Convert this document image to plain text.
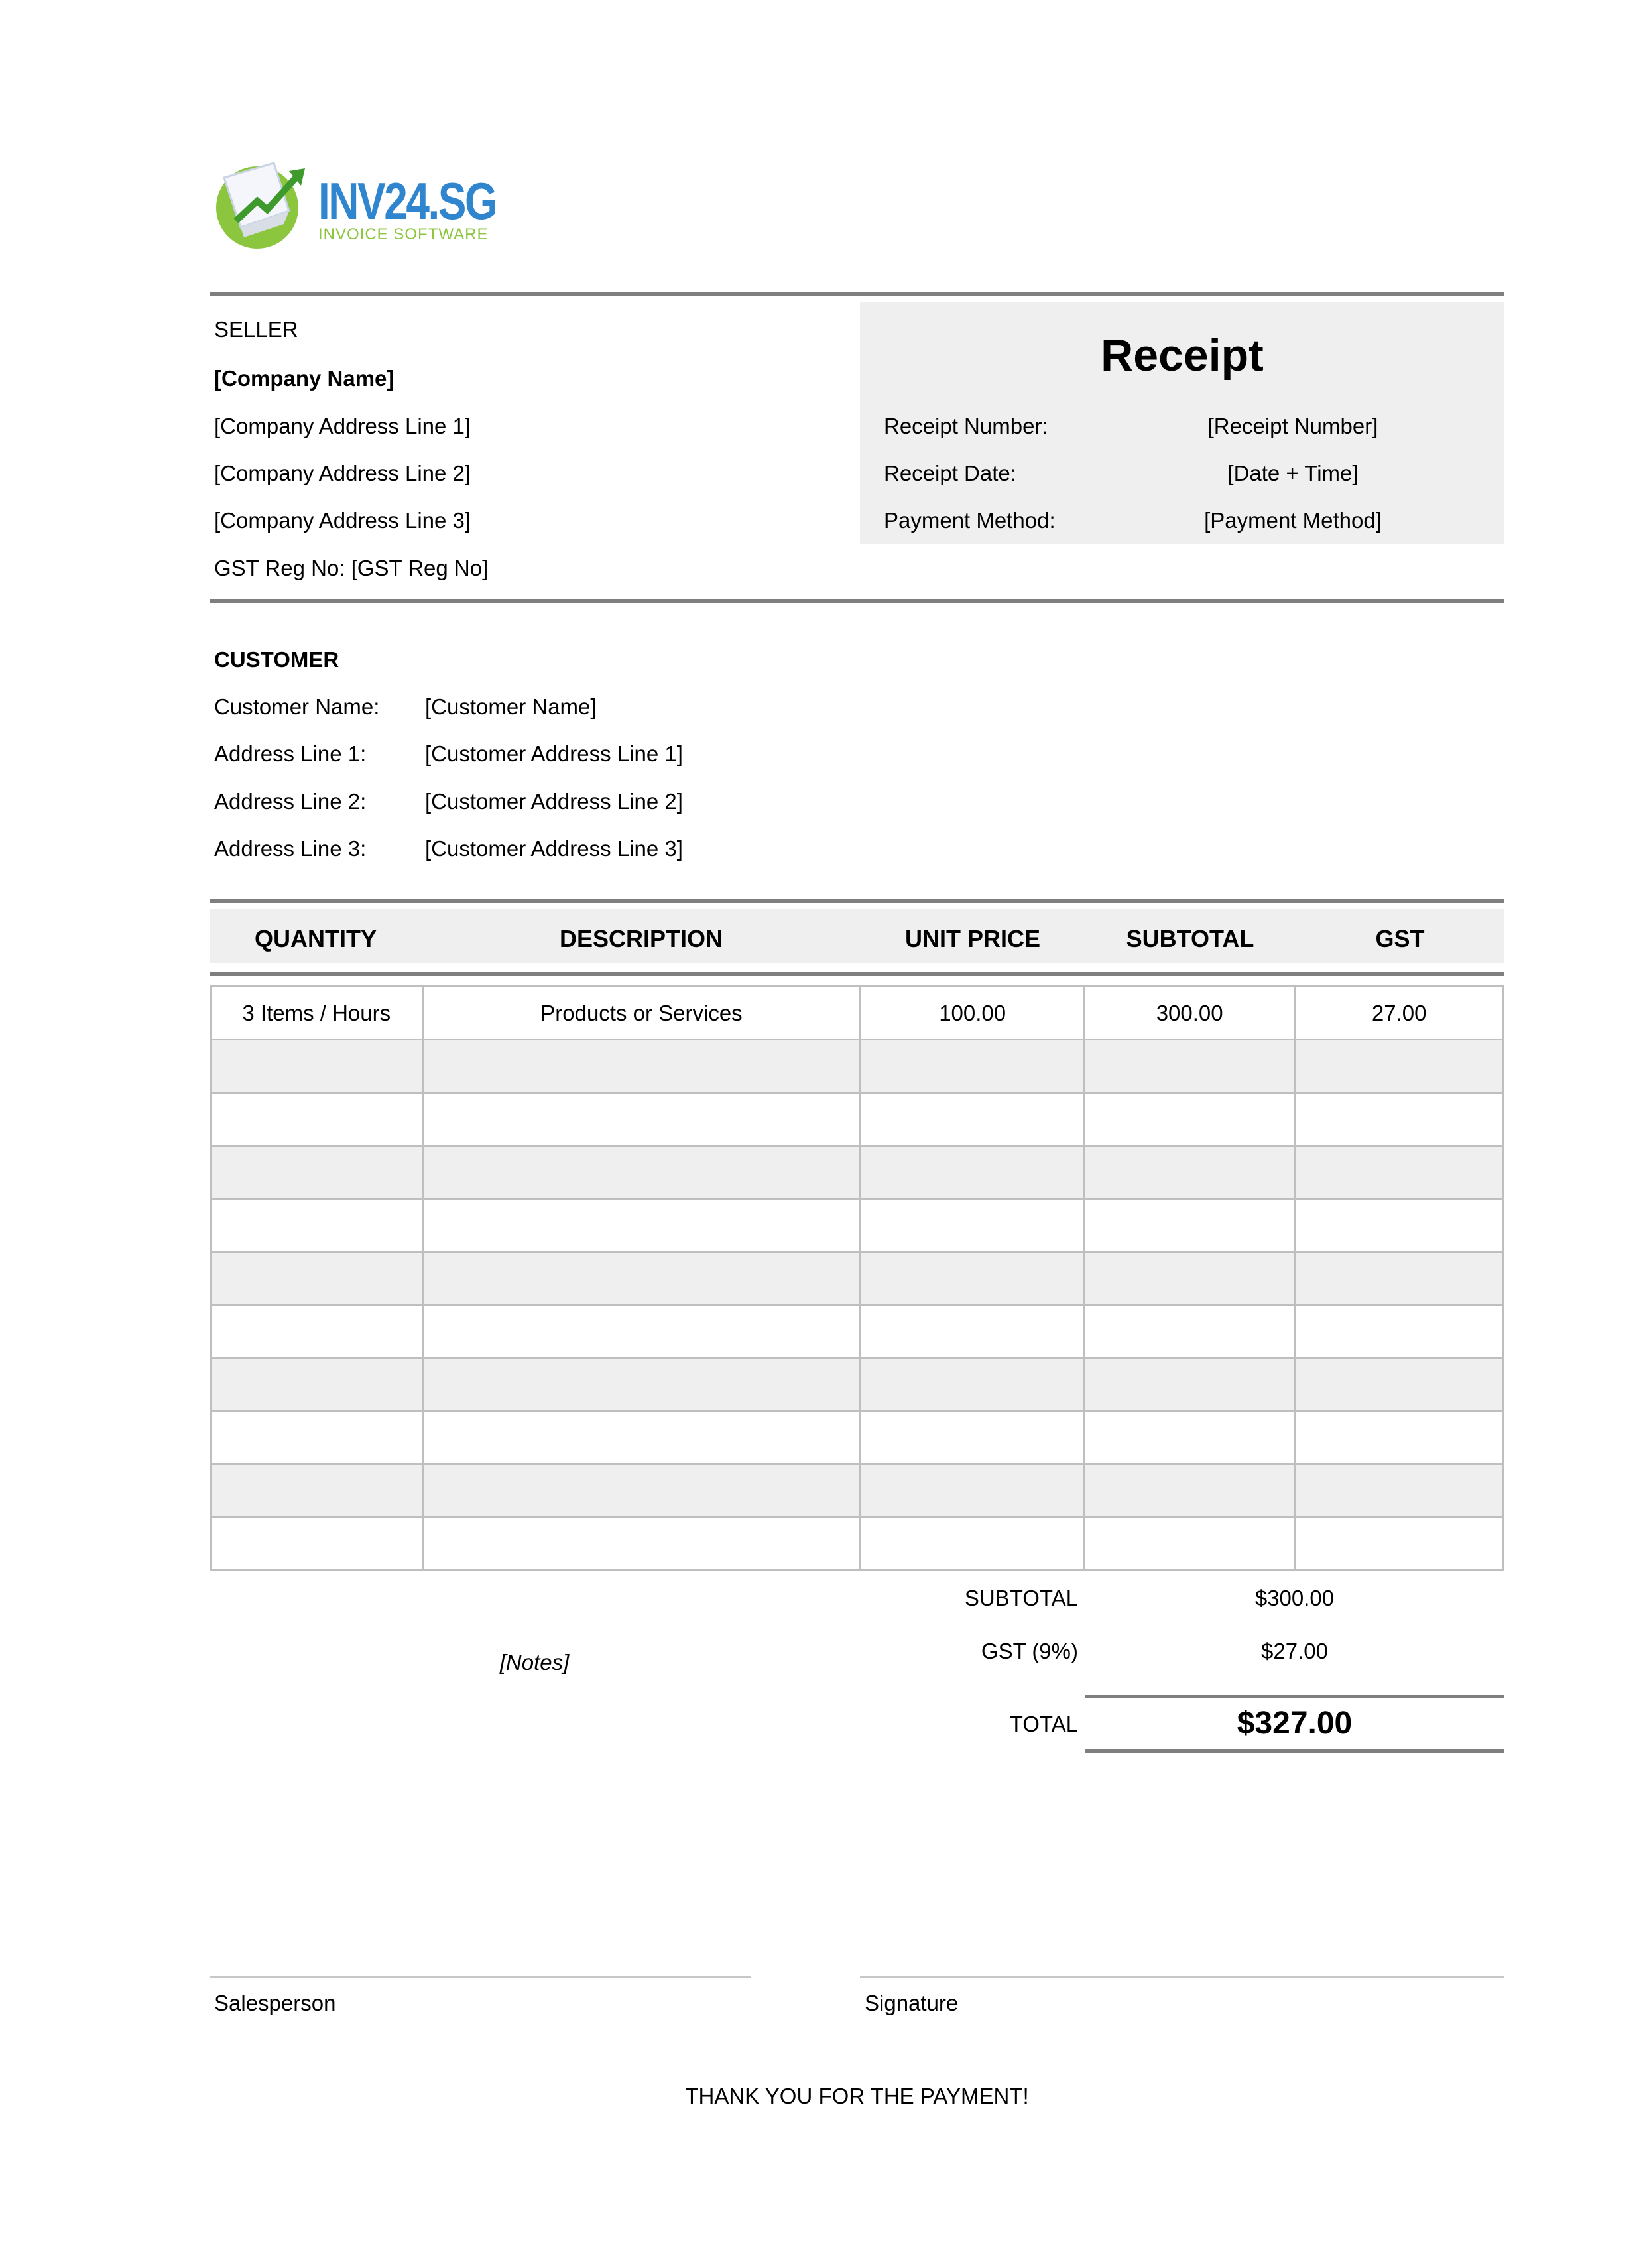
INV24.SG
INVOICE SOFTWARE
Receipt
Receipt Number:	[Receipt Number]
Receipt Date:	[Date + Time]
Payment Method:	[Payment Method]
SELLER
[Company Name]
[Company Address Line 1]
[Company Address Line 2]
[Company Address Line 3]
GST Reg No: [GST Reg No]
CUSTOMER
Customer Name: [Customer Name]
Address Line 1:	[Customer Address Line 1]
Address Line 2:	[Customer Address Line 2]
Address Line 3:	[Customer Address Line 3]
QUANTITY	DESCRIPTION	UNIT PRICE	SUBTOTAL	GST
3 Items / Hours	Products or Services	100.00	300.00	27.00

SUBTOTAL	$300.00
GST (9%)	$27.00
[Notes]
TOTAL	$327.00
Salesperson	Signature
THANK YOU FOR THE PAYMENT!
